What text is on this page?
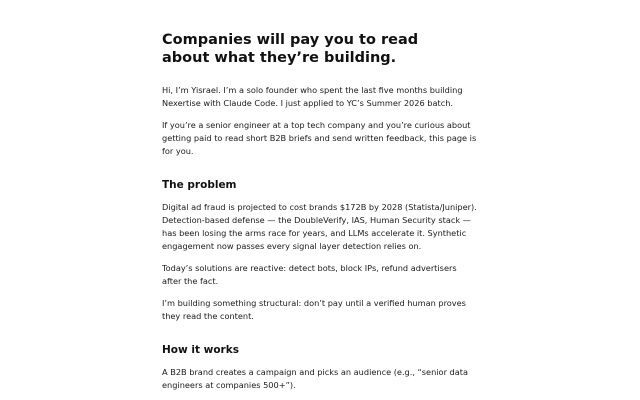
Companies will pay you to read about what they’re building.

Hi, I’m Yisrael. I’m a solo founder who spent the last five months building Nexertise with Claude Code. I just applied to YC’s Summer 2026 batch.

If you’re a senior engineer at a top tech company and you’re curious about getting paid to read short B2B briefs and send written feedback, this page is for you.

The problem

Digital ad fraud is projected to cost brands $172B by 2028 (Statista/Juniper). Detection-based defense — the DoubleVerify, IAS, Human Security stack — has been losing the arms race for years, and LLMs accelerate it. Synthetic engagement now passes every signal layer detection relies on.

Today’s solutions are reactive: detect bots, block IPs, refund advertisers after the fact.

I’m building something structural: don’t pay until a verified human proves they read the content.

How it works

A B2B brand creates a campaign and picks an audience (e.g., “senior data engineers at companies 500+”).
